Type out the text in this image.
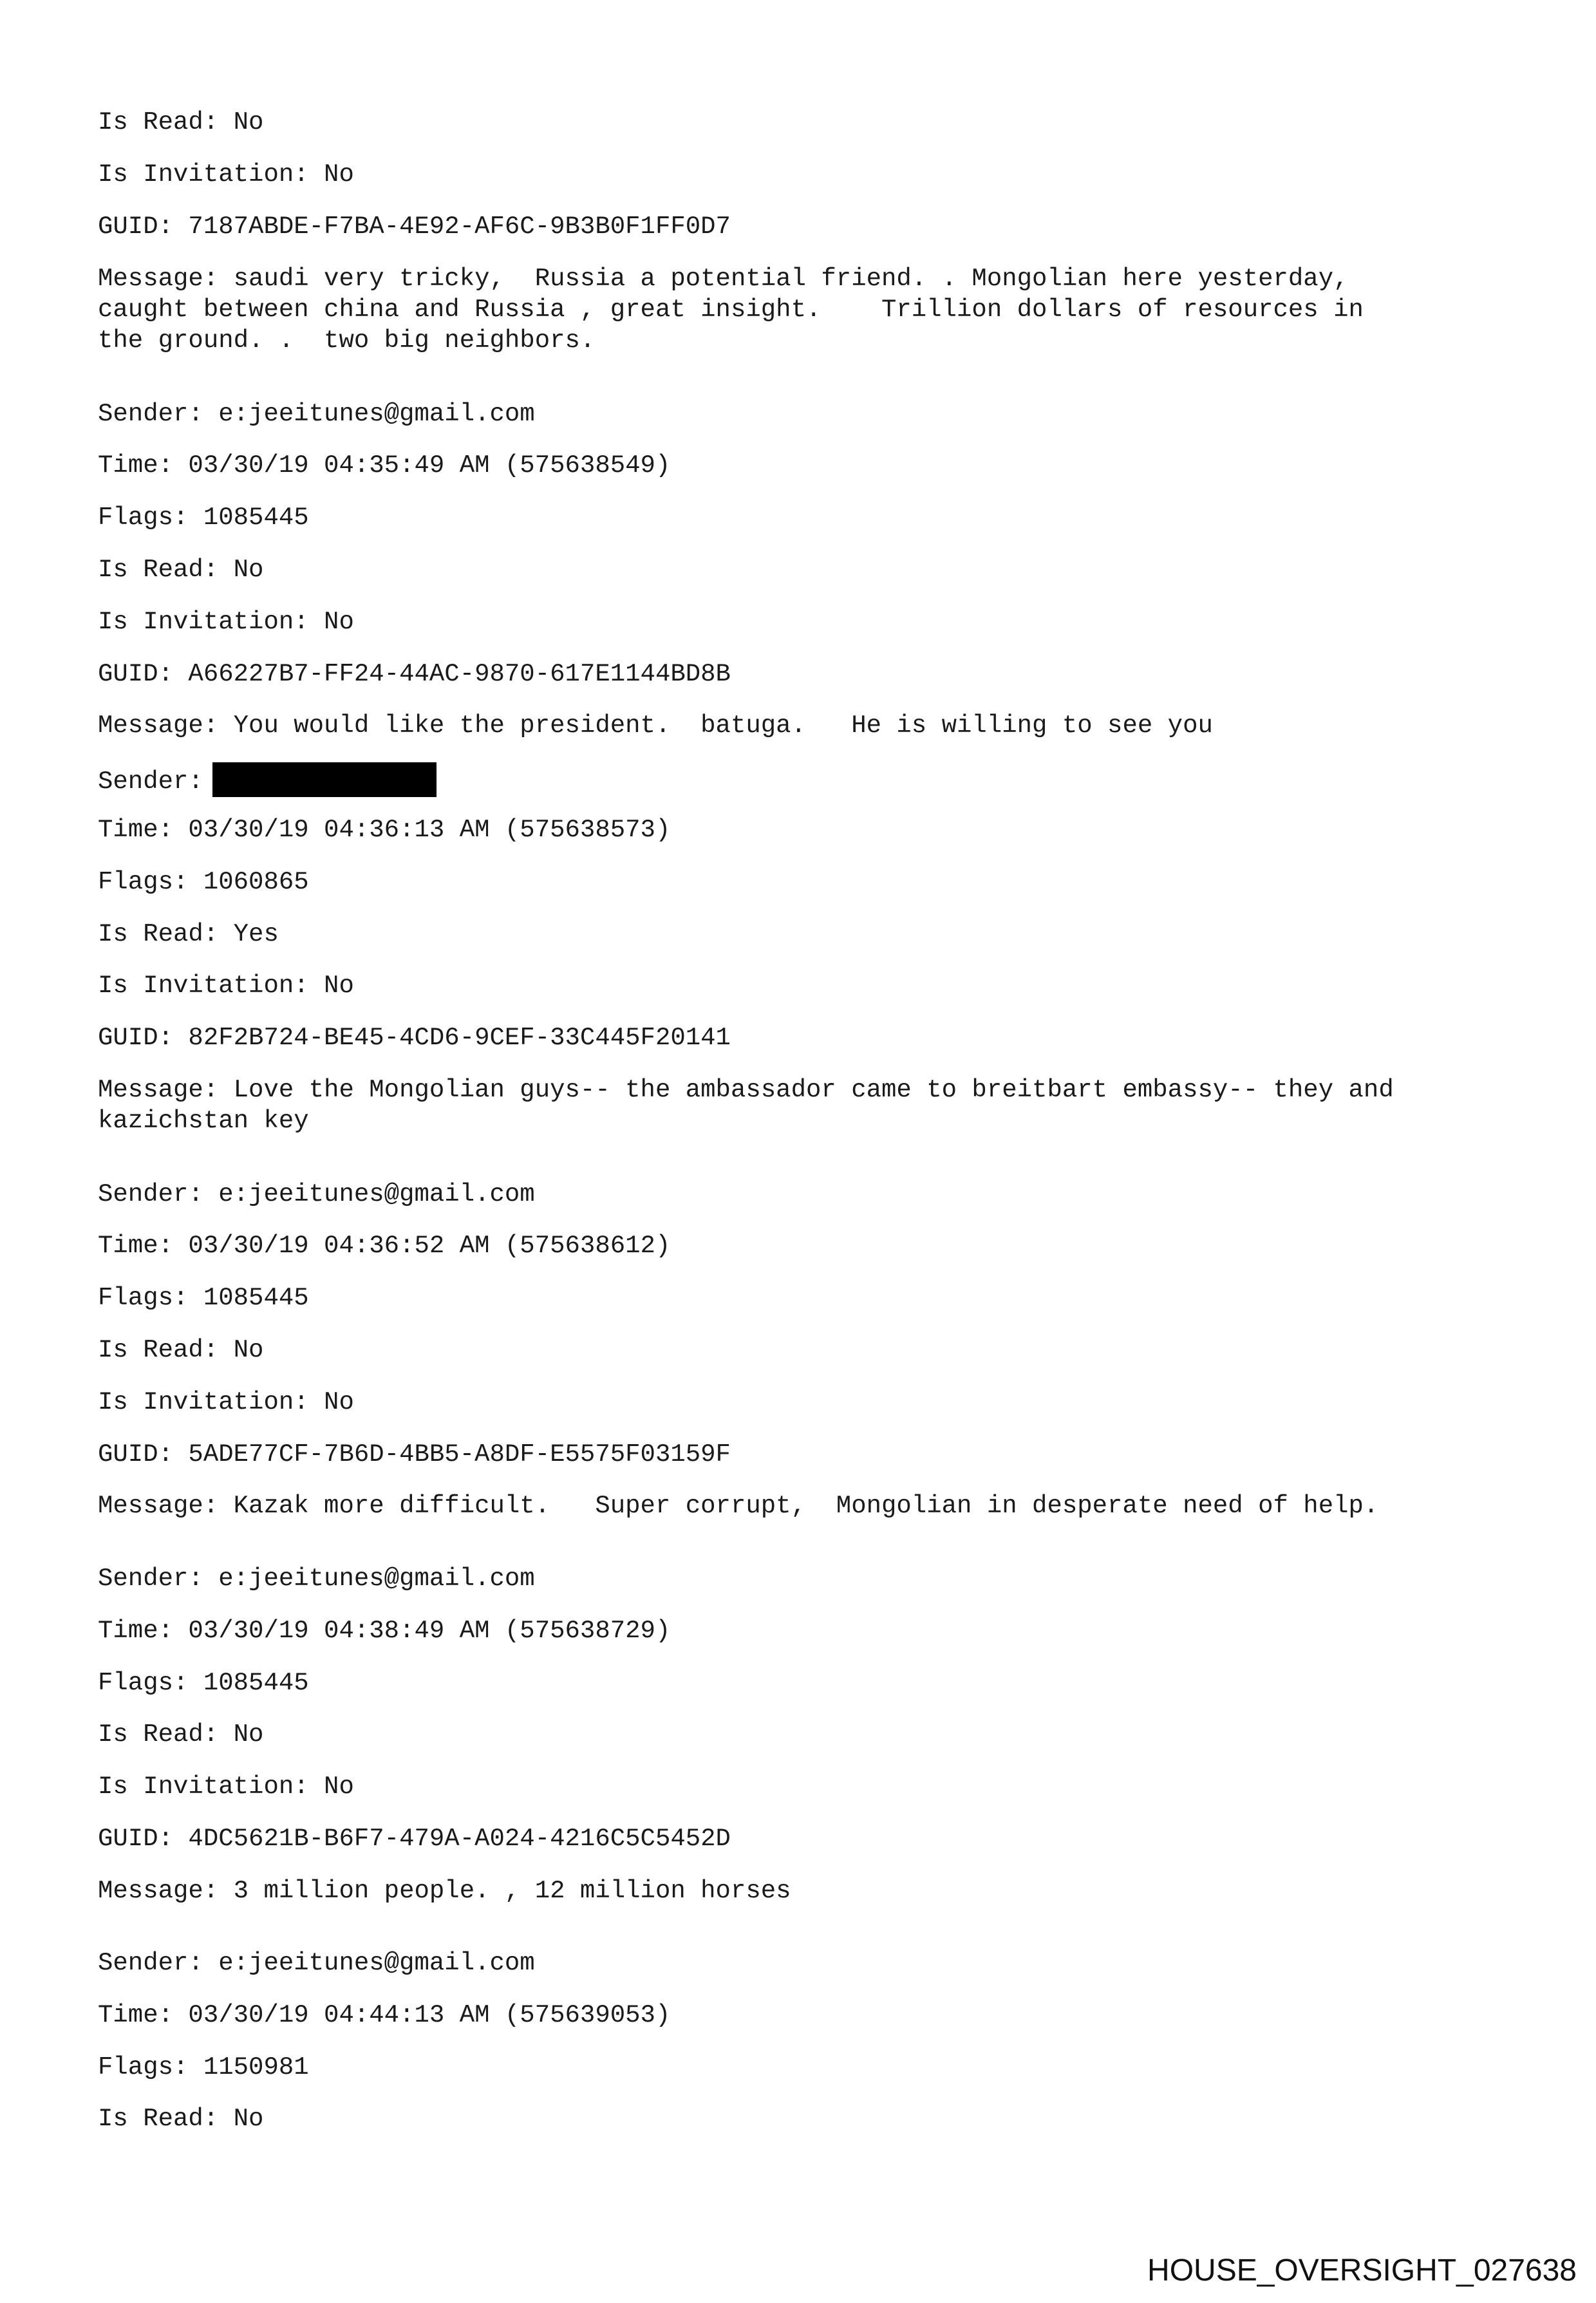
Is Read: No
Is Invitation: No
GUID: 7187ABDE-F7BA-4E92-AF6C-9B3B0F1FF0D7
Message: saudi very tricky,  Russia a potential friend. . Mongolian here yesterday,
caught between china and Russia , great insight.    Trillion dollars of resources in
the ground. .  two big neighbors.
Sender: e:jeeitunes@gmail.com
Time: 03/30/19 04:35:49 AM (575638549)
Flags: 1085445
Is Read: No
Is Invitation: No
GUID: A66227B7-FF24-44AC-9870-617E1144BD8B
Message: You would like the president.  batuga.   He is willing to see you
Sender:
Time: 03/30/19 04:36:13 AM (575638573)
Flags: 1060865
Is Read: Yes
Is Invitation: No
GUID: 82F2B724-BE45-4CD6-9CEF-33C445F20141
Message: Love the Mongolian guys-- the ambassador came to breitbart embassy-- they and
kazichstan key
Sender: e:jeeitunes@gmail.com
Time: 03/30/19 04:36:52 AM (575638612)
Flags: 1085445
Is Read: No
Is Invitation: No
GUID: 5ADE77CF-7B6D-4BB5-A8DF-E5575F03159F
Message: Kazak more difficult.   Super corrupt,  Mongolian in desperate need of help.
Sender: e:jeeitunes@gmail.com
Time: 03/30/19 04:38:49 AM (575638729)
Flags: 1085445
Is Read: No
Is Invitation: No
GUID: 4DC5621B-B6F7-479A-A024-4216C5C5452D
Message: 3 million people. , 12 million horses
Sender: e:jeeitunes@gmail.com
Time: 03/30/19 04:44:13 AM (575639053)
Flags: 1150981
Is Read: No
HOUSE_OVERSIGHT_027638
